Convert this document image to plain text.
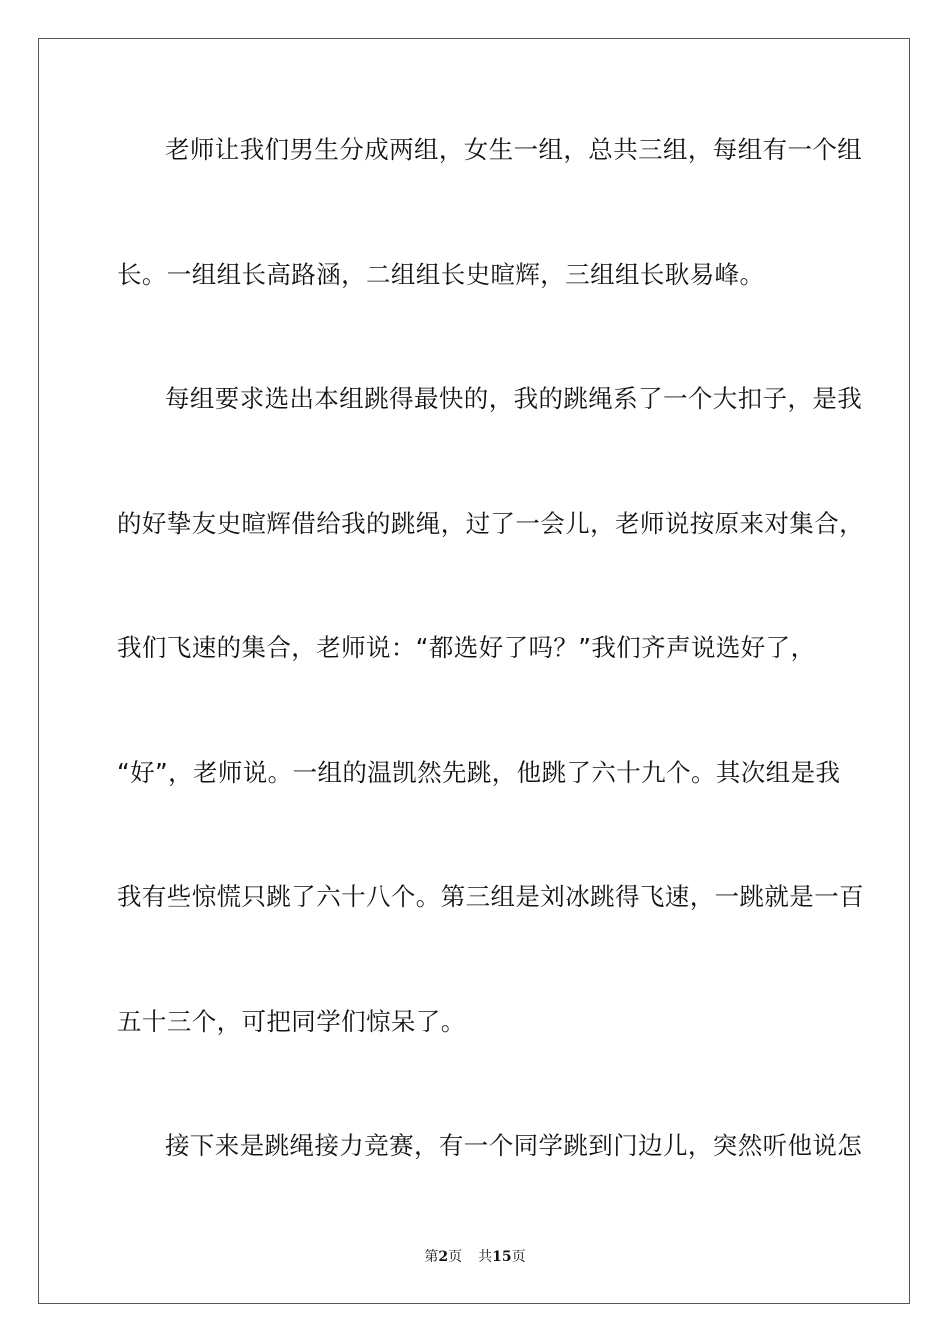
老师让我们男生分成两组，女生一组，总共三组，每组有一个组
长。一组组长高路涵，二组组长史暄辉，三组组长耿易峰。
每组要求选出本组跳得最快的，我的跳绳系了一个大扣子，是我
的好挚友史暄辉借给我的跳绳，过了一会儿，老师说按原来对集合，
我们飞速的集合，老师说：“都选好了吗？”我们齐声说选好了，
“好”，老师说。一组的温凯然先跳，他跳了六十九个。其次组是我
我有些惊慌只跳了六十八个。第三组是刘冰跳得飞速，一跳就是一百
五十三个，可把同学们惊呆了。
接下来是跳绳接力竞赛，有一个同学跳到门边儿，突然听他说怎
第2页 共15页
